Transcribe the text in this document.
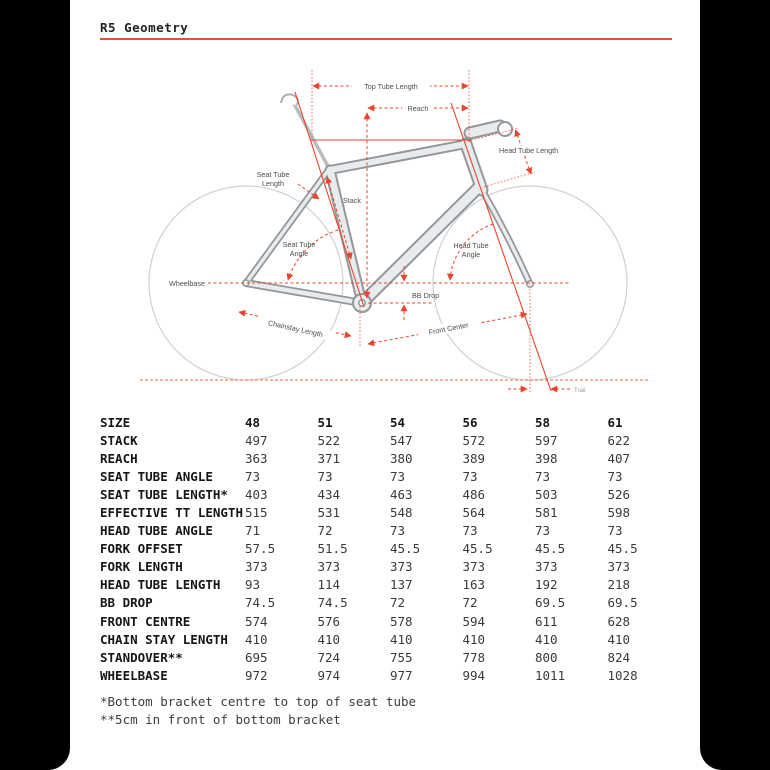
R5 Geometry
Top Tube Length
Reach
Head Tube Length
Seat Tube
Length
Stack
Seat Tube
Angle
Head Tube
Angle
Wheelbase
BB Drop
Chainstay Length	Front Center
Trail
SIZE	48	51	54	56	58	61
STACK	497	522	547	572	597	622
REACH	363	371	380	389	398	407
SEAT TUBE ANGLE	73	73	73	73	73	73
SEAT TUBE LENGTH*	403	434	463	486	503	526
EFFECTIVE TT LENGTH 515	531	548	564	581	598
HEAD TUBE ANGLE	71	72	73	73	73	73
FORK OFFSET	57.5	51.5	45.5	45.5	45.5	45.5
FORK LENGTH	373	373	373	373	373	373
HEAD TUBE LENGTH	93	114	137	163	192	218
BB DROP	74.5	74.5	72	72	69.5	69.5
FRONT CENTRE	574	576	578	594	611	628
CHAIN STAY LENGTH	410	410	410	410	410	410
STANDOVER**	695	724	755	778	800	824
WHEELBASE	972	974	977	994	1011	1028
*Bottom bracket centre to top of seat tube
**5cm in front of bottom bracket
